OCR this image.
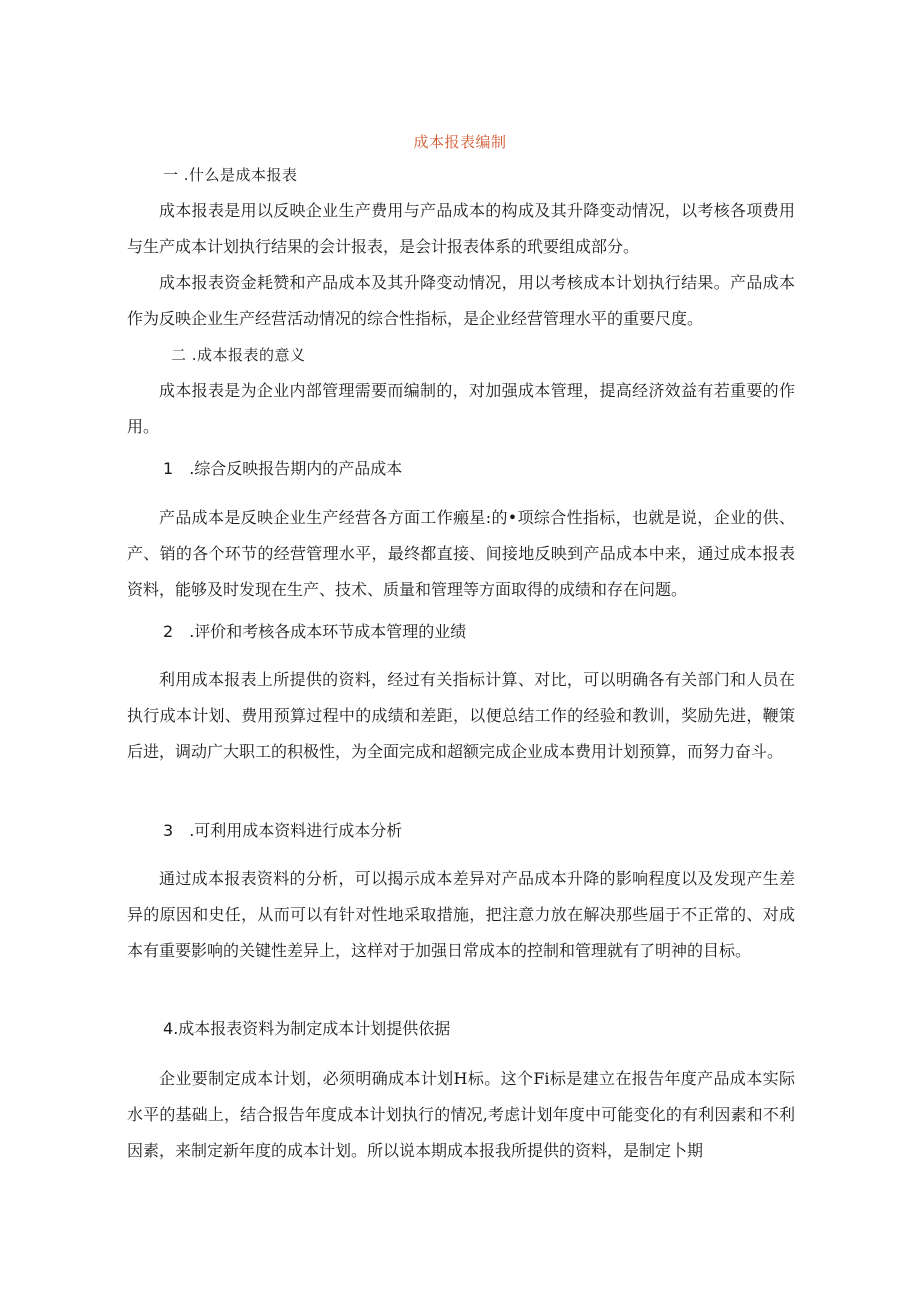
成本报表编制
一 .什么是成本报表
成本报表是用以反映企业生产费用与产品成本的构成及其升降变动情况，以考核各项费用与生产成本计划执行结果的会计报表，是会计报表体系的玳要组成部分。
成本报表资金耗赞和产品成本及其升降变动情况，用以考核成本计划执行结果。产品成本作为反映企业生产经营活动情况的综合性指标，是企业经营管理水平的重要尺度。
二 .成本报表的意义
成本报表是为企业内部管理需要而编制的，对加强成本管理，提高经济效益有若重要的作用。
1 .综合反映报告期内的产品成本
产品成本是反映企业生产经营各方面工作瘢星:的•项综合性指标，也就是说，企业的供、产、销的各个环节的经营管理水平，最终都直接、间接地反映到产品成本中来，通过成本报表资料，能够及时发现在生产、技术、质量和管理等方面取得的成绩和存在问题。
2 .评价和考核各成本环节成本管理的业绩
利用成本报表上所提供的资料，经过有关指标计算、对比，可以明确各有关部门和人员在执行成本计划、费用预算过程中的成绩和差距，以便总结工作的经验和教训，奖励先进，鞭策后进，调动广大职工的积极性，为全面完成和超额完成企业成本费用计划预算，而努力奋斗。
3 .可利用成本资料进行成本分析
通过成本报表资料的分析，可以揭示成本差异对产品成本升降的影响程度以及发现产生差异的原因和史任，从而可以有针对性地采取措施，把注意力放在解决那些屆于不正常的、对成本有重要影响的关键性差异上，这样对于加强日常成本的控制和管理就有了明神的目标。
4.成本报表资料为制定成本计划提供依据
企业要制定成本计划，必须明确成本计划H标。这个Fi标是建立在报告年度产品成本实际水平的基础上，结合报告年度成本计划执行的情况,考虑计划年度中可能变化的有利因素和不利因素，来制定新年度的成本计划。所以说本期成本报我所提供的资料，是制定卜期
